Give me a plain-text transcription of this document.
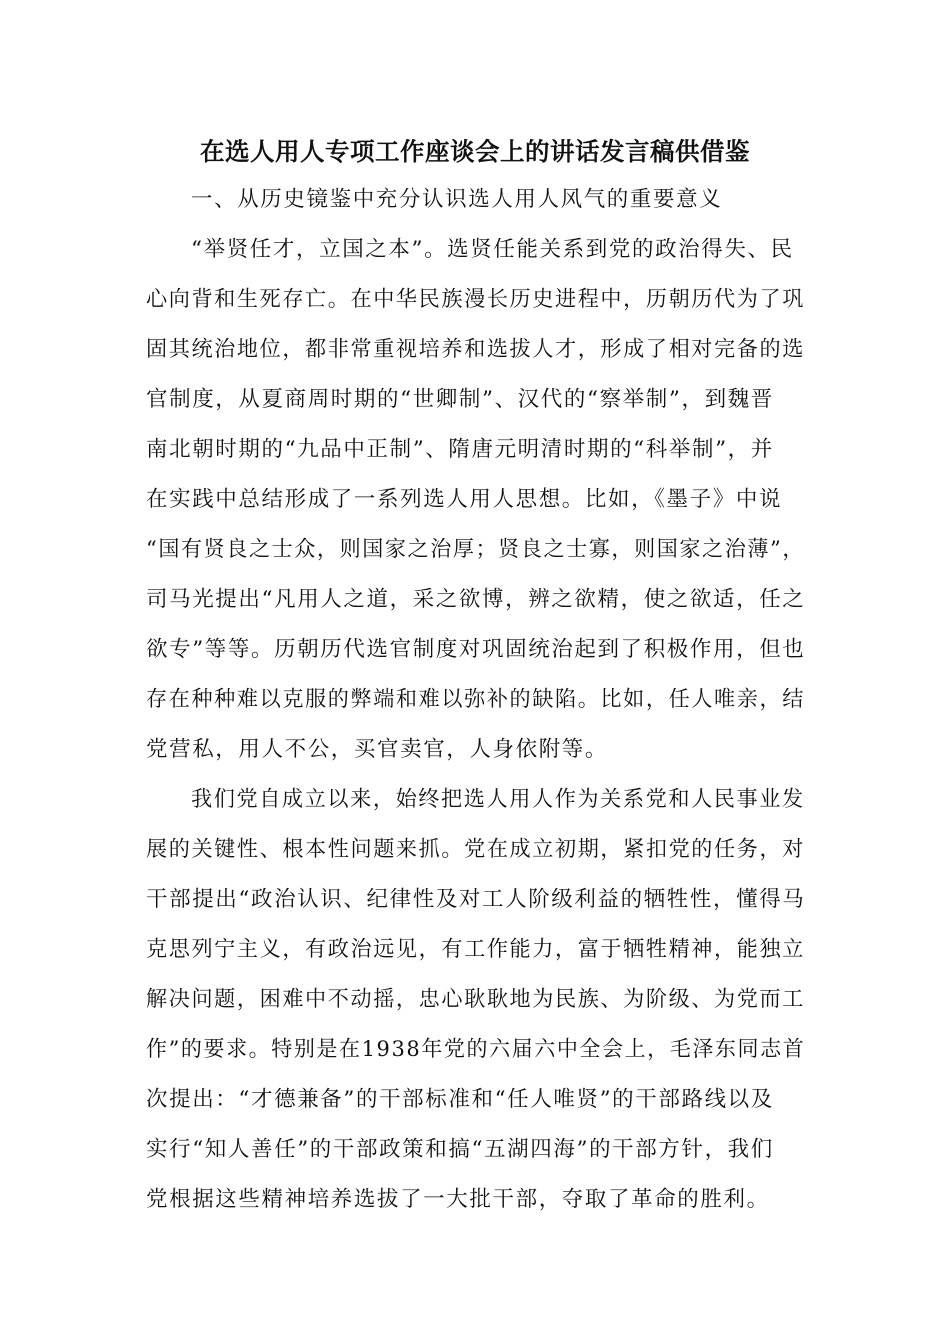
在选人用人专项工作座谈会上的讲话发言稿供借鉴

一、从历史镜鉴中充分认识选人用人风气的重要意义

“举贤任才，立国之本”。选贤任能关系到党的政治得失、民

心向背和生死存亡。在中华民族漫长历史进程中，历朝历代为了巩

固其统治地位，都非常重视培养和选拔人才，形成了相对完备的选

官制度，从夏商周时期的“世卿制”、汉代的“察举制”，到魏晋

南北朝时期的“九品中正制”、隋唐元明清时期的“科举制”，并

在实践中总结形成了一系列选人用人思想。比如，《墨子》中说

“国有贤良之士众，则国家之治厚；贤良之士寡，则国家之治薄”，

司马光提出“凡用人之道，采之欲博，辨之欲精，使之欲适，任之

欲专”等等。历朝历代选官制度对巩固统治起到了积极作用，但也

存在种种难以克服的弊端和难以弥补的缺陷。比如，任人唯亲，结

党营私，用人不公，买官卖官，人身依附等。

我们党自成立以来，始终把选人用人作为关系党和人民事业发

展的关键性、根本性问题来抓。党在成立初期，紧扣党的任务，对

干部提出“政治认识、纪律性及对工人阶级利益的牺牲性，懂得马

克思列宁主义，有政治远见，有工作能力，富于牺牲精神，能独立

解决问题，困难中不动摇，忠心耿耿地为民族、为阶级、为党而工

作”的要求。特别是在1938年党的六届六中全会上，毛泽东同志首

次提出：“才德兼备”的干部标准和“任人唯贤”的干部路线以及

实行“知人善任”的干部政策和搞“五湖四海”的干部方针，我们

党根据这些精神培养选拔了一大批干部，夺取了革命的胜利。
